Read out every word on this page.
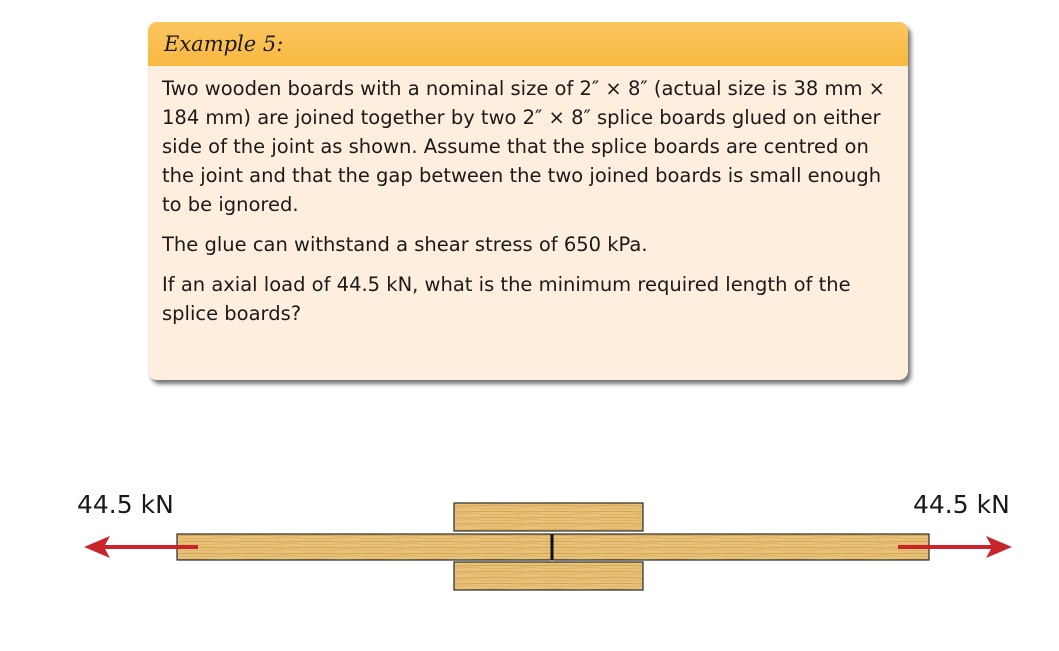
Example 5:

Two wooden boards with a nominal size of 2″ × 8″ (actual size is 38 mm × 184 mm) are joined together by two 2″ × 8″ splice boards glued on either side of the joint as shown. Assume that the splice boards are centred on the joint and that the gap between the two joined boards is small enough to be ignored.

The glue can withstand a shear stress of 650 kPa.

If an axial load of 44.5 kN, what is the minimum required length of the splice boards?

44.5 kN	44.5 kN
